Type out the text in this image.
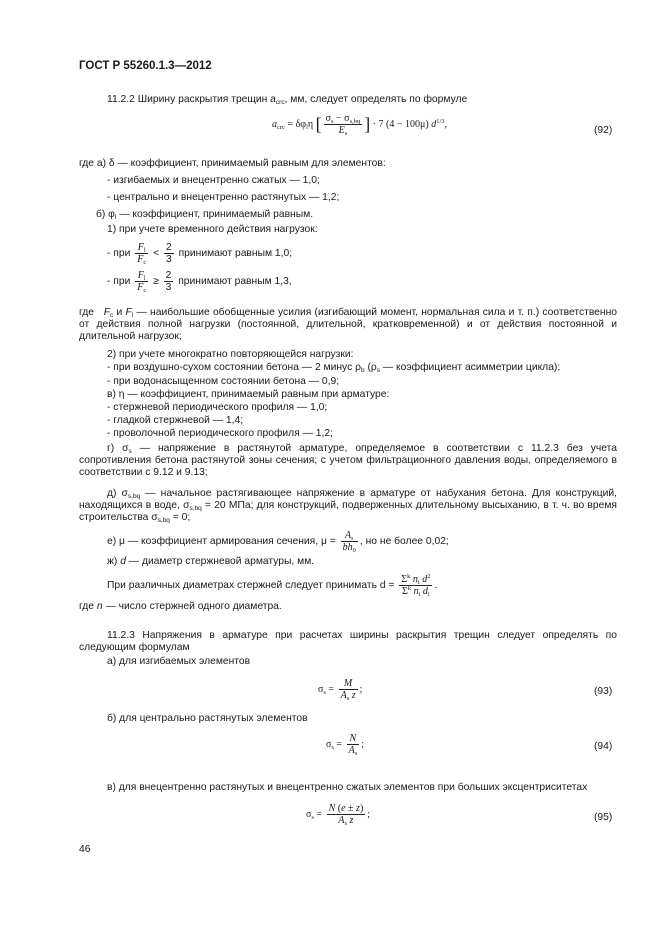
ГОСТ Р 55260.1.3—2012
11.2.2 Ширину раскрытия трещин $a_{crc}$, мм, следует определять по формуле
$a_{crc} = \delta\varphi_l\eta$ [ $\frac{\sigma_s - \sigma_{s,bq}}{E_s}$ ] · 7 (4 − 100μ) $d^{1/3}$,
(92)
где а) δ — коэффициент, принимаемый равным для элементов:
- изгибаемых и внецентренно сжатых — 1,0;
- центрально и внецентренно растянутых — 1,2;
б) $\varphi_l$ — коэффициент, принимаемый равным.
1) при учете временного действия нагрузок:
- при $\frac{F_l}{F_c} < \frac{2}{3}$ принимают равным 1,0;
- при $\frac{F_l}{F_c} \ge \frac{2}{3}$ принимают равным 1,3,
где   $F_c$ и $F_l$ — наибольшие обобщенные усилия (изгибающий момент, нормальная сила и т. п.) соответственно от действия полной нагрузки (постоянной, длительной, кратковременной) и от действия постоянной и длительной нагрузок;
2) при учете многократно повторяющейся нагрузки:
- при воздушно-сухом состоянии бетона — 2 минус $\rho_b$ ($\rho_s$ — коэффициент асимметрии цикла);
- при водонасыщенном состоянии бетона — 0,9;
в) η — коэффициент, принимаемый равным при арматуре:
- стержневой периодического профиля — 1,0;
- гладкой стержневой — 1,4;
- проволочной периодического профиля — 1,2;
г) $\sigma_s$ — напряжение в растянутой арматуре, определяемое в соответствии с 11.2.3 без учета сопротивления бетона растянутой зоны сечения; с учетом фильтрационного давления воды, определяемого в соответствии с 9.12 и 9.13;
д) $\sigma_{s,bq}$ — начальное растягивающее напряжение в арматуре от набухания бетона. Для конструкций, находящихся в воде, $\sigma_{s,bq} = 20$ МПа; для конструкций, подверженных длительному высыханию, в т. ч. во время строительства $\sigma_{s,bq} = 0$;
е) μ — коэффициент армирования сечения, $\mu = \frac{A_s}{bh_0}$ , но не более 0,02;
ж) d — диаметр стержневой арматуры, мм.
При различных диаметрах стержней следует принимать $d = \frac{\Sigma^k n_i d^2}{\Sigma^k n_i d_i}$ .
где n — число стержней одного диаметра.
11.2.3 Напряжения в арматуре при расчетах ширины раскрытия трещин следует определять по следующим формулам
а) для изгибаемых элементов
$\sigma_s = \frac{M}{A_s z}$ ;	(93)
б) для центрально растянутых элементов
$\sigma_s = \frac{N}{A_s}$ ;	(94)
в) для внецентренно растянутых и внецентренно сжатых элементов при больших эксцентриситетах
$\sigma_s = \frac{N (e \pm z)}{A_s z}$ ;	(95)
46
